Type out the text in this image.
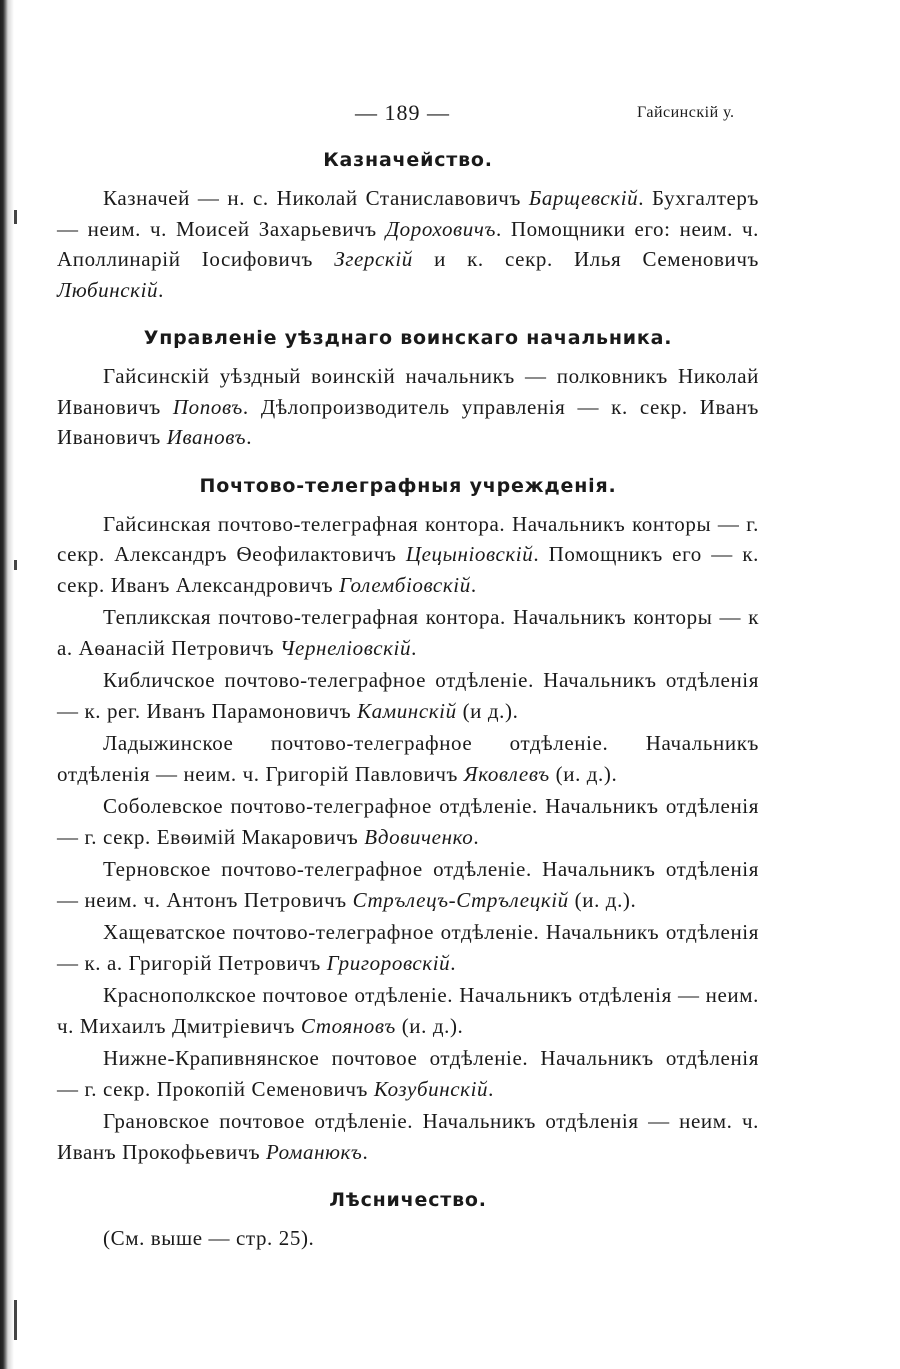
— 189 —	Гайсинскій у.
Казначейство.

Казначей — н. с. Николай Станиславовичъ Барщевскій. Бухгалтеръ — неим. ч. Моисей Захарьевичъ Дороховичъ. Помощники его: неим. ч. Аполлинарій Іосифовичъ Згерскій и к. секр. Илья Семеновичъ Любинскій.

Управленіе уѣзднаго воинскаго начальника.

Гайсинскій уѣздный воинскій начальникъ — полковникъ Николай Ивановичъ Поповъ. Дѣлопроизводитель управленія — к. секр. Иванъ Ивановичъ Ивановъ.

Почтово-телеграфныя учрежденія.

Гайсинская почтово-телеграфная контора. Начальникъ конторы — г. секр. Александръ Ѳеофилактовичъ Цецыніовскій. Помощникъ его — к. секр. Иванъ Александровичъ Голембіовскій.

Тепликская почтово-телеграфная контора. Начальникъ конторы — к а. Аѳанасій Петровичъ Чернеліовскій.

Кибличское почтово-телеграфное отдѣленіе. Начальникъ отдѣленія — к. рег. Иванъ Парамоновичъ Каминскій (и д.).

Ладыжинское почтово-телеграфное отдѣленіе. Начальникъ отдѣленія — неим. ч. Григорій Павловичъ Яковлевъ (и. д.).

Соболевское почтово-телеграфное отдѣленіе. Начальникъ отдѣленія — г. секр. Евѳимій Макаровичъ Вдовиченко.

Терновское почтово-телеграфное отдѣленіе. Начальникъ отдѣленія — неим. ч. Антонъ Петровичъ Стрълецъ-Стрълецкій (и. д.).

Хащеватское почтово-телеграфное отдѣленіе. Начальникъ отдѣленія — к. а. Григорій Петровичъ Григоровскій.

Краснополкское почтовое отдѣленіе. Начальникъ отдѣленія — неим. ч. Михаилъ Дмитріевичъ Стояновъ (и. д.).

Нижне-Крапивнянское почтовое отдѣленіе. Начальникъ отдѣленія — г. секр. Прокопій Семеновичъ Козубинскій.

Грановское почтовое отдѣленіе. Начальникъ отдѣленія — неим. ч. Иванъ Прокофьевичъ Романюкъ.

Лѣсничество.

(См. выше — стр. 25).
